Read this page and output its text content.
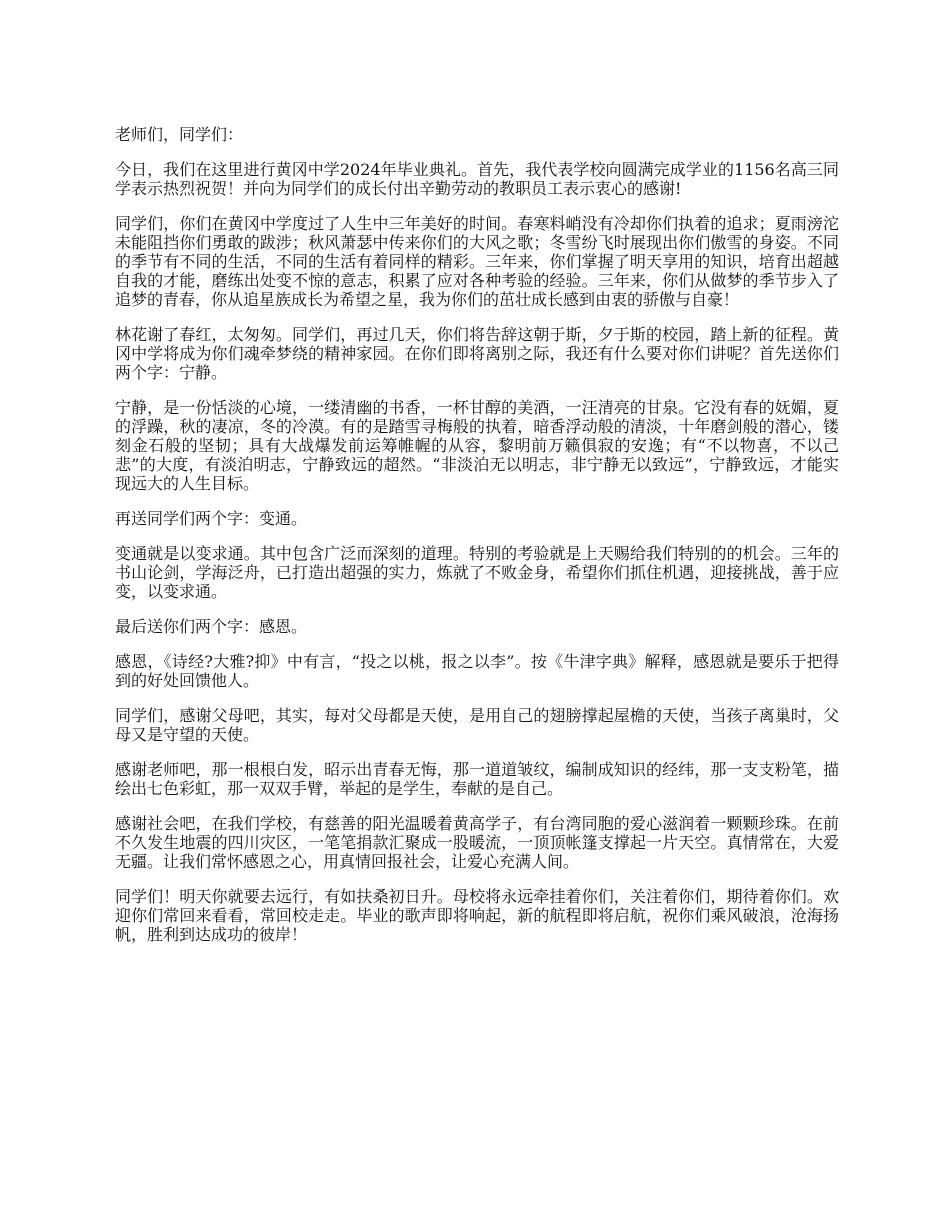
老师们，同学们：

今日，我们在这里进行黄冈中学2024年毕业典礼。首先，我代表学校向圆满完成学业的1156名高三同学表示热烈祝贺！并向为同学们的成长付出辛勤劳动的教职员工表示衷心的感谢!

同学们，你们在黄冈中学度过了人生中三年美好的时间。春寒料峭没有冷却你们执着的追求；夏雨滂沱未能阻挡你们勇敢的跋涉；秋风萧瑟中传来你们的大风之歌；冬雪纷飞时展现出你们傲雪的身姿。不同的季节有不同的生活，不同的生活有着同样的精彩。三年来，你们掌握了明天享用的知识，培育出超越自我的才能，磨练出处变不惊的意志，积累了应对各种考验的经验。三年来，你们从做梦的季节步入了追梦的青春，你从追星族成长为希望之星，我为你们的茁壮成长感到由衷的骄傲与自豪！

林花谢了春红，太匆匆。同学们，再过几天，你们将告辞这朝于斯，夕于斯的校园，踏上新的征程。黄冈中学将成为你们魂牵梦绕的精神家园。在你们即将离别之际，我还有什么要对你们讲呢？首先送你们两个字：宁静。

宁静，是一份恬淡的心境，一缕清幽的书香，一杯甘醇的美酒，一汪清亮的甘泉。它没有春的妩媚，夏的浮躁，秋的凄凉，冬的冷漠。有的是踏雪寻梅般的执着，暗香浮动般的清淡，十年磨剑般的潜心，镂刻金石般的坚韧；具有大战爆发前运筹帷幄的从容，黎明前万籁俱寂的安逸；有“不以物喜，不以己悲”的大度，有淡泊明志，宁静致远的超然。“非淡泊无以明志，非宁静无以致远”，宁静致远，才能实现远大的人生目标。

再送同学们两个字：变通。

变通就是以变求通。其中包含广泛而深刻的道理。特别的考验就是上天赐给我们特别的的机会。三年的书山论剑，学海泛舟，已打造出超强的实力，炼就了不败金身，希望你们抓住机遇，迎接挑战，善于应变，以变求通。

最后送你们两个字：感恩。

感恩，《诗经?大雅?抑》中有言，“投之以桃，报之以李”。按《牛津字典》解释，感恩就是要乐于把得到的好处回馈他人。

同学们，感谢父母吧，其实，每对父母都是天使，是用自己的翅膀撑起屋檐的天使，当孩子离巢时，父母又是守望的天使。

感谢老师吧，那一根根白发，昭示出青春无悔，那一道道皱纹，编制成知识的经纬，那一支支粉笔，描绘出七色彩虹，那一双双手臂，举起的是学生，奉献的是自己。

感谢社会吧，在我们学校，有慈善的阳光温暖着黄高学子，有台湾同胞的爱心滋润着一颗颗珍珠。在前不久发生地震的四川灾区，一笔笔捐款汇聚成一股暖流，一顶顶帐篷支撑起一片天空。真情常在，大爱无疆。让我们常怀感恩之心，用真情回报社会，让爱心充满人间。

同学们！明天你就要去远行，有如扶桑初日升。母校将永远牵挂着你们，关注着你们，期待着你们。欢迎你们常回来看看，常回校走走。毕业的歌声即将响起，新的航程即将启航，祝你们乘风破浪，沧海扬帆，胜利到达成功的彼岸！
